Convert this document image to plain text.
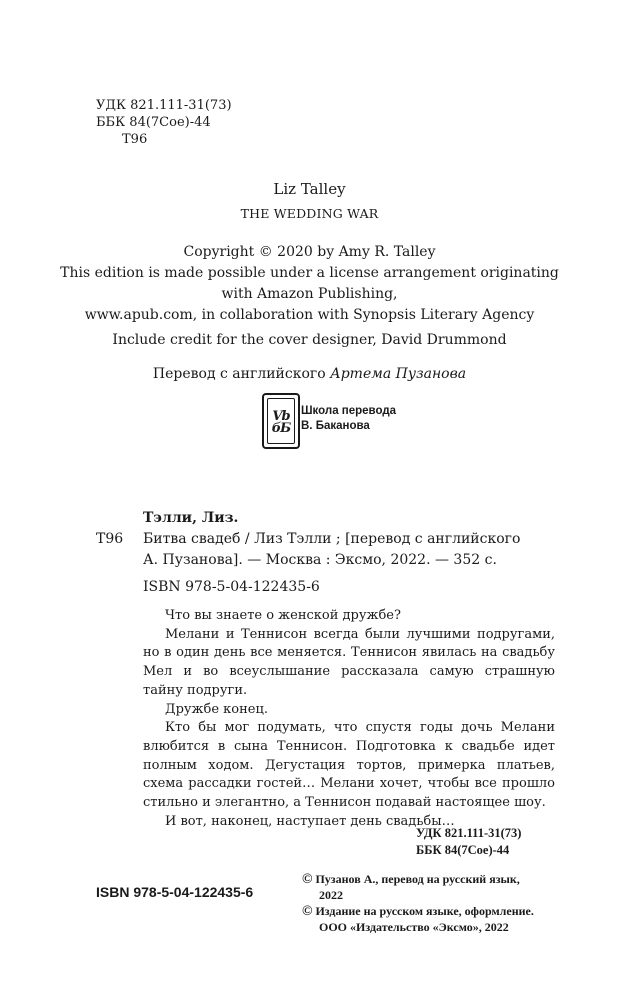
УДК 821.111-31(73)
ББК 84(7Сое)-44
Т96
Liz Talley
THE WEDDING WAR
Copyright © 2020 by Amy R. Talley
This edition is made possible under a license arrangement originating
with Amazon Publishing,
www.apub.com, in collaboration with Synopsis Literary Agency
Include credit for the cover designer, David Drummond
Перевод с английского Артема Пузанова
Vb
бБ
Школа перевода
В. Баканова
Тэлли, Лиз.
Т96 Битва свадеб / Лиз Тэлли ; [перевод с английского
А. Пузанова]. — Москва : Эксмо, 2022. — 352 с.
ISBN 978-5-04-122435-6

Что вы знаете о женской дружбе?

Мелани и Теннисон всегда были лучшими подругами, но в один день все меняется. Теннисон явилась на свадьбу Мел и во всеуслышание рассказала самую страшную тайну подруги.

Дружбе конец.

Кто бы мог подумать, что спустя годы дочь Мелани влюбится в сына Теннисон. Подготовка к свадьбе идет полным ходом. Дегустация тортов, примерка платьев, схема рассадки гостей… Мелани хочет, чтобы все прошло стильно и элегантно, а Теннисон подавай настоящее шоу.

И вот, наконец, наступает день свадьбы…

УДК 821.111-31(73)
ББК 84(7Сое)-44
© Пузанов А., перевод на русский язык,
2022
© Издание на русском языке, оформление.
ООО «Издательство «Эксмо», 2022
ISBN 978-5-04-122435-6
